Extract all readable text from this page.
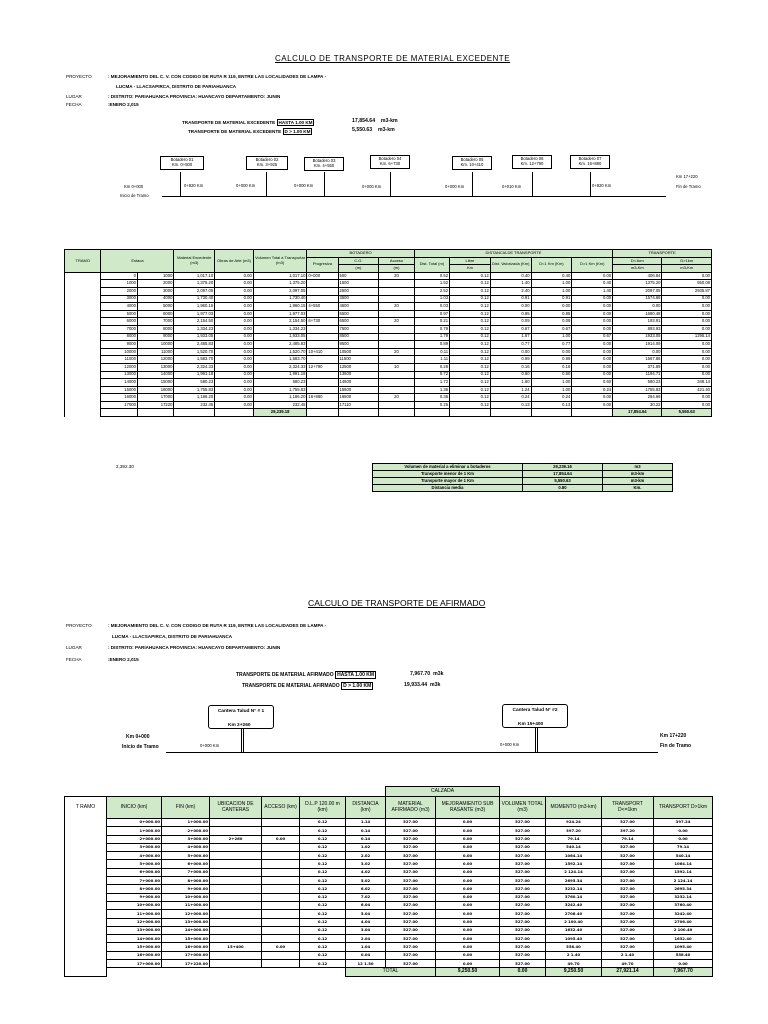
CALCULO DE TRANSPORTE DE MATERIAL EXCEDENTE
PROYECTO	: MEJORAMIENTO DEL C. V. CON CODIGO DE RUTA R 119, ENTRE LAS LOCALIDADES DE LAMPA -
LUCMA - LLACSAPIRCA, DISTRITO DE PARIAHUANCA
LUGAR	: DISTRITO: PARIAHUANCA PROVINCIA: HUANCAYO DEPARTAMENTO: JUNIN
FECHA	:ENERO 2,015
TRANSPORTE DE MATERIAL EXCEDENTE HASTA 1.00 KM	17,854.64 m3-km
TRANSPORTE DE MATERIAL EXCEDENTE D > 1.00 KM	5,550.63 m3-km
Botadero 01
Km. 0+500
Botadero 02
Km. 3+925
Botadero 03
Km. 4+550
Botadero 04
Km. 6+730
Botadero 05
Km. 10+410
Botadero 06
Km. 12+790
Botadero 07
Km. 16+880
0+820 Km	0+000 Km	0+000 Km	0+000 Km	0+000 Km	0+010 Km	0+820 Km
Km 0+000
Inicio de Tramo
Km 17+220
Fin de Tramo
TRAMO	Estaca		Material Excedente (m3)	Obras de Arte (m3)	Volumen Total a Transportar (m3)	BOTADERO			DISTANCIA DE TRANSPORTE					TRANSPORTE	
						Progresiva	C.G.	Acceso	Dist. Total (m)	Libre	Dist. Valorizada (Km)	D<1 Km (Km)	D>1 Km (Km)	D<1km	D>1km
							(m)	(m)		Km				m3-Km	m3-Km
	0	1000	1,017.10	0.00	1,017.10	0+000	500	20	0.52	0.12	0.40	0.40	0.00	406.84	0.00
	1000	2000	1,375.20	0.00	1,375.20		1500		1.52	0.12	1.40	1.00	0.40	1375.20	550.08
	2000	3000	2,097.05	0.00	2,097.05		2500		2.52	0.12	2.40	1.00	1.40	2097.05	2935.87
	3000	4000	1,730.40	0.00	1,730.40		3500		1.03	0.12	0.91	0.91	0.00	1574.66	0.00
	4000	5000	1,960.15	0.00	1,960.15	4+550	4500	20	0.03	0.12	0.00	0.00	0.00	0.00	0.00
	5000	6000	1,977.03	0.00	1,977.03		5500		0.97	0.12	0.85	0.85	0.00	1680.48	0.00
	6000	7000	2,154.50	0.00	2,154.50	6+730	6500	20	0.21	0.12	0.09	0.09	0.00	193.91	0.00
	7000	8000	1,334.23	0.00	1,334.23		7500		0.79	0.12	0.67	0.67	0.00	893.93	0.00
	8000	9000	1,933.05	0.00	1,933.05		8500		1.79	0.12	1.67	1.00	0.67	1933.05	1295.14
	9000	10000	2,485.83	0.00	2,485.83		9500		0.89	0.12	0.77	0.77	0.00	1914.09	0.00
	10000	11000	1,520.70	0.00	1,520.70	10+410	10500	20	0.11	0.12	0.00	0.00	0.00	0.00	0.00
	11000	12000	1,583.70	0.00	1,583.70		11500		1.11	0.12	0.99	0.99	0.00	1567.86	0.00
	12000	13000	2,324.33	0.00	2,324.33	12+790	12500	10	0.28	0.12	0.16	0.16	0.00	371.89	0.00
	13000	14000	1,991.18	0.00	1,991.18		13500		0.72	0.12	0.60	0.60	0.00	1194.71	0.00
	14000	15000	580.23	0.00	580.23		14500		1.72	0.12	1.60	1.00	0.60	580.23	348.14
	15000	16000	1,755.83	0.00	1,755.83		15500		1.36	0.12	1.24	1.00	0.24	1755.83	421.40
	16000	17000	1,186.20	0.00	1,186.20	16+880	16500	20	0.36	0.12	0.24	0.24	0.00	284.69	0.00
	17000	17220	232.45	0.00	232.45		17110		0.25	0.12	0.13	0.13	0.00	30.22	0.00
					29,239.18									17,854.64	5,550.63
2,392.30	Volumen de material a eliminar a botaderos	29,239.16	m3
Transporte menor de 1 Km	17,854.64	m3-km
Transporte mayor de 1 Km	5,550.63	m3-km
Distancia media	0.80	Km.
CALCULO DE TRANSPORTE DE AFIRMADO
PROYECTO	: MEJORAMIENTO DEL C. V. CON CODIGO DE RUTA R 119, ENTRE LAS LOCALIDADES DE LAMPA -
LUCMA - LLACSAPIRCA, DISTRITO DE PARIAHUANCA
LUGAR	: DISTRITO: PARIAHUANCA PROVINCIA: HUANCAYO DEPARTAMENTO: JUNIN
FECHA	:ENERO 2,015
TRANSPORTE DE MATERIAL AFIRMADO HASTA 1.00 KM	7,967.70 m3k
TRANSPORTE DE MATERIAL AFIRMADO D > 1.00 KM	19,933.44 m3k
Cantera Talud N° # 1
Km 2+260
Cantera Talud N° #2
Km 15+400
0+000 Km	0+000 Km
Km 0+000
Inicio de Tramo
Km 17+220
Fin de Tramo
							CALZADA						
T RAMO	INICIO (km)	FIN (km)	UBICACION DE CANTERAS	ACCESO (km)	D.L.P 120.00 m (km)	DISTANCIA (km)	MATERIAL AFIRMADO (m3)	MEJORAMIENTO SUB RASANTE (m3)	VOLUMEN TOTAL (m3)	MOMENTO (m3-km)	TRANSPORT D<=1km	TRANSPORT D>1km	
	0+000.00	1+000.00			0.12	1.14	527.00	0.00	527.00	924.24	527.00	397.24	
	1+000.00	2+000.00			0.12	0.14	527.00	0.00	527.00	397.20	397.20	0.00	
	2+000.00	3+000.00	2+260	0.00	0.12	0.14	527.00	0.00	527.00	79.14	79.14	0.00	
	3+000.00	4+000.00			0.12	1.02	527.00	0.00	527.00	540.14	527.00	79.14	
	4+000.00	5+000.00			0.12	2.02	527.00	0.00	527.00	1064.14	527.00	540.14	
	5+000.00	6+000.00			0.12	3.02	527.00	0.00	527.00	1592.14	527.00	1064.14	
	6+000.00	7+000.00			0.12	4.02	527.00	0.00	527.00	2 124.14	527.00	1592.14	
	7+000.00	8+000.00			0.12	5.02	527.00	0.00	527.00	2695.34	527.00	2 124.14	
	8+000.00	9+000.00			0.12	6.02	527.00	0.00	527.00	3232.14	527.00	2695.34	
	9+000.00	10+000.00			0.12	7.02	527.00	0.00	527.00	3760.14	527.00	3232.14	
	10+000.00	11+000.00			0.12	6.04	527.00	0.00	527.00	3242.40	527.00	3760.40	
	11+000.00	12+000.00			0.12	5.04	527.00	0.00	527.00	2706.40	527.00	3242.40	
	12+000.00	13+000.00			0.12	4.04	527.00	0.00	527.00	2 100.40	527.00	2706.40	
	13+000.00	14+000.00			0.12	3.04	527.00	0.00	527.00	1632.40	527.00	2 100.40	
	14+000.00	15+000.00			0.12	2.04	527.00	0.00	527.00	1095.40	527.00	1632.40	
	15+000.00	16+000.00	15+400	0.00	0.12	1.04	527.00	0.00	527.00	558.40	527.00	1095.40	
	16+000.00	17+000.00			0.12	0.04	527.00	0.00	527.00	2 1.40	2 1.40	558.40	
	17+000.00	17+220.00			0.12	12 1.50	527.00	0.00	527.00	49.70	49.70	0.00	
						TOTAL		9,250.50	0.00	9,250.50	27,921.14	7,967.70	
